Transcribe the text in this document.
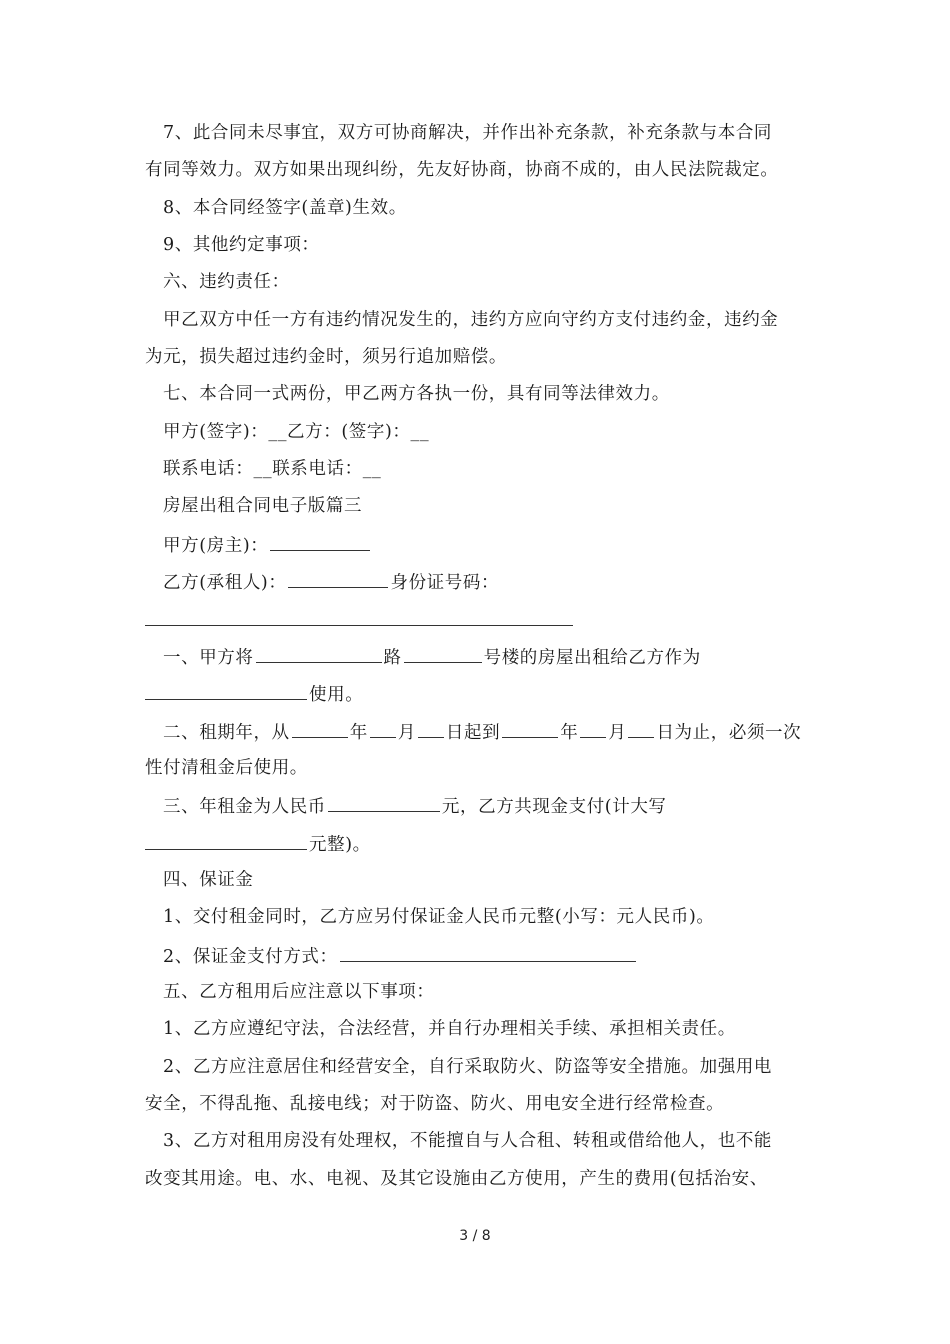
7、此合同未尽事宜，双方可协商解决，并作出补充条款，补充条款与本合同
有同等效力。双方如果出现纠纷，先友好协商，协商不成的，由人民法院裁定。
8、本合同经签字(盖章)生效。
9、其他约定事项：
六、违约责任：
甲乙双方中任一方有违约情况发生的，违约方应向守约方支付违约金，违约金
为元，损失超过违约金时，须另行追加赔偿。
七、本合同一式两份，甲乙两方各执一份，具有同等法律效力。
甲方(签字)：__乙方：(签字)：__
联系电话：__联系电话：__
房屋出租合同电子版篇三
甲方(房主)：
乙方(承租人)：	身份证号码：
一、甲方将	路	号楼的房屋出租给乙方作为
使用。
二、租期年，从	年 月 日起到	年 月 日为止，必须一次
性付清租金后使用。
三、年租金为人民币	元，乙方共现金支付(计大写
元整)。
四、保证金
1、交付租金同时，乙方应另付保证金人民币元整(小写：元人民币)。
2、保证金支付方式：
五、乙方租用后应注意以下事项：
1、乙方应遵纪守法，合法经营，并自行办理相关手续、承担相关责任。
2、乙方应注意居住和经营安全，自行采取防火、防盗等安全措施。加强用电
安全，不得乱拖、乱接电线；对于防盗、防火、用电安全进行经常检查。
3、乙方对租用房没有处理权，不能擅自与人合租、转租或借给他人，也不能
改变其用途。电、水、电视、及其它设施由乙方使用，产生的费用(包括治安、
3 / 8
